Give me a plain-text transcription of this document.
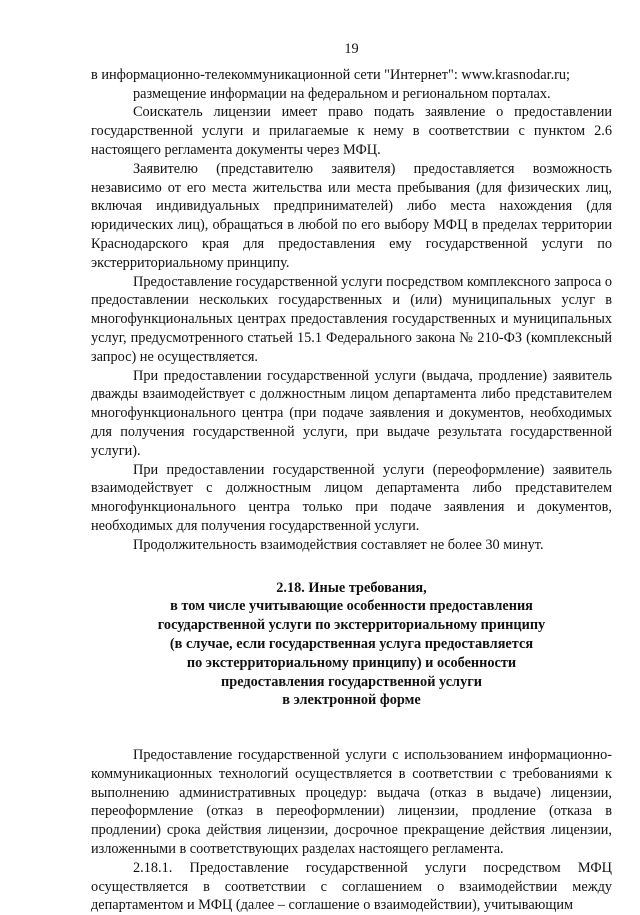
19

в информационно-телекоммуникационной сети "Интернет": www.krasnodar.ru;

размещение информации на федеральном и региональном порталах.

Соискатель лицензии имеет право подать заявление о предоставлении государственной услуги и прилагаемые к нему в соответствии с пунктом 2.6 настоящего регламента документы через МФЦ.

Заявителю (представителю заявителя) предоставляется возможность независимо от его места жительства или места пребывания (для физических лиц, включая индивидуальных предпринимателей) либо места нахождения (для юридических лиц), обращаться в любой по его выбору МФЦ в пределах территории Краснодарского края для предоставления ему государственной услуги по экстерриториальному принципу.

Предоставление государственной услуги посредством комплексного запроса о предоставлении нескольких государственных и (или) муниципальных услуг в многофункциональных центрах предоставления государственных и муниципальных услуг, предусмотренного статьей 15.1 Федерального закона № 210-ФЗ (комплексный запрос) не осуществляется.

При предоставлении государственной услуги (выдача, продление) заявитель дважды взаимодействует с должностным лицом департамента либо представителем многофункционального центра (при подаче заявления и документов, необходимых для получения государственной услуги, при выдаче результата государственной услуги).

При предоставлении государственной услуги (переоформление) заявитель взаимодействует с должностным лицом департамента либо представителем многофункционального центра только при подаче заявления и документов, необходимых для получения государственной услуги.

Продолжительность взаимодействия составляет не более 30 минут.

2.18. Иные требования,
в том числе учитывающие особенности предоставления
государственной услуги по экстерриториальному принципу
(в случае, если государственная услуга предоставляется
по экстерриториальному принципу) и особенности
предоставления государственной услуги
в электронной форме

Предоставление государственной услуги с использованием информационно-коммуникационных технологий осуществляется в соответствии с требованиями к выполнению административных процедур: выдача (отказ в выдаче) лицензии, переоформление (отказ в переоформлении) лицензии, продление (отказа в продлении) срока действия лицензии, досрочное прекращение действия лицензии, изложенными в соответствующих разделах настоящего регламента.

2.18.1. Предоставление государственной услуги посредством МФЦ осуществляется в соответствии с соглашением о взаимодействии между департаментом и МФЦ (далее – соглашение о взаимодействии), учитывающим
